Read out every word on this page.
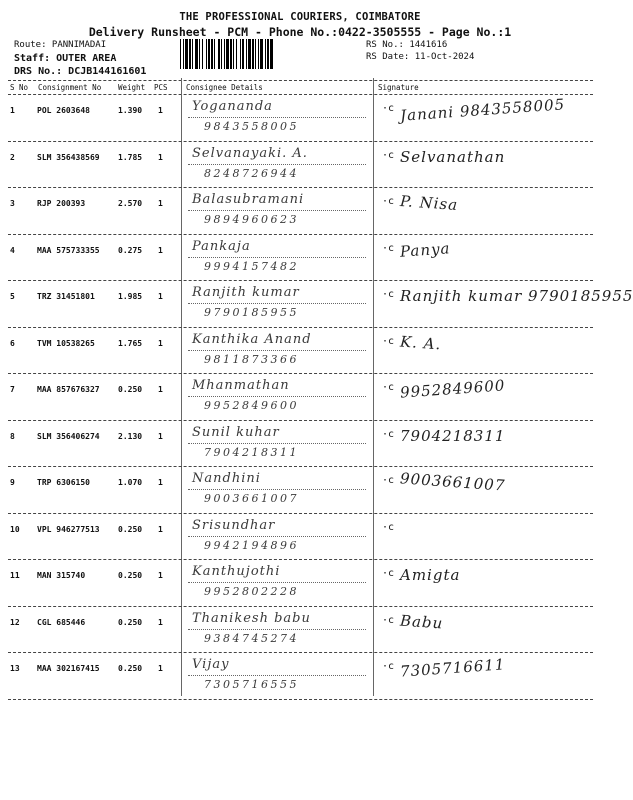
THE PROFESSIONAL COURIERS, COIMBATORE
Delivery Runsheet - PCM - Phone No.:0422-3505555 - Page No.:1
Route: PANNIMADAI
Staff: OUTER AREA
DRS No.: DCJB144161601
RS No.: 1441616
RS Date: 11-Oct-2024
S No Consignment No Weight PCS Consignee Details	Signature
1	POL 2603648	1.390 1 Yogananda
9843558005
·c Janani 9843558005
2	SLM 356438569 1.785 1 Selvanayaki. A.
8248726944
·c Selvanathan
3	RJP 200393	2.570 1 Balasubramani
9894960623
·c P. Nisa
4	MAA 575733355 0.275 1 Pankaja
9994157482
·c Panya
5	TRZ 31451801	1.985 1 Ranjith kumar
9790185955
·c Ranjith kumar 9790185955
6	TVM 10538265	1.765 1 Kanthika Anand
9811873366
·c K. A.
7	MAA 857676327 0.250 1 Mhanmathan
9952849600
·c 9952849600
8	SLM 356406274 2.130 1 Sunil kuhar
7904218311
·c 7904218311
9	TRP 6306150	1.070 1 Nandhini
9003661007
·c 9003661007
10 VPL 946277513 0.250 1 Srisundhar
9942194896
·c
11 MAN 315740	0.250 1 Kanthujothi
9952802228
·c Amigta
12 CGL 685446	0.250 1 Thanikesh babu
9384745274
·c Babu
13 MAA 302167415 0.250 1 Vijay
7305716555
·c 7305716611
